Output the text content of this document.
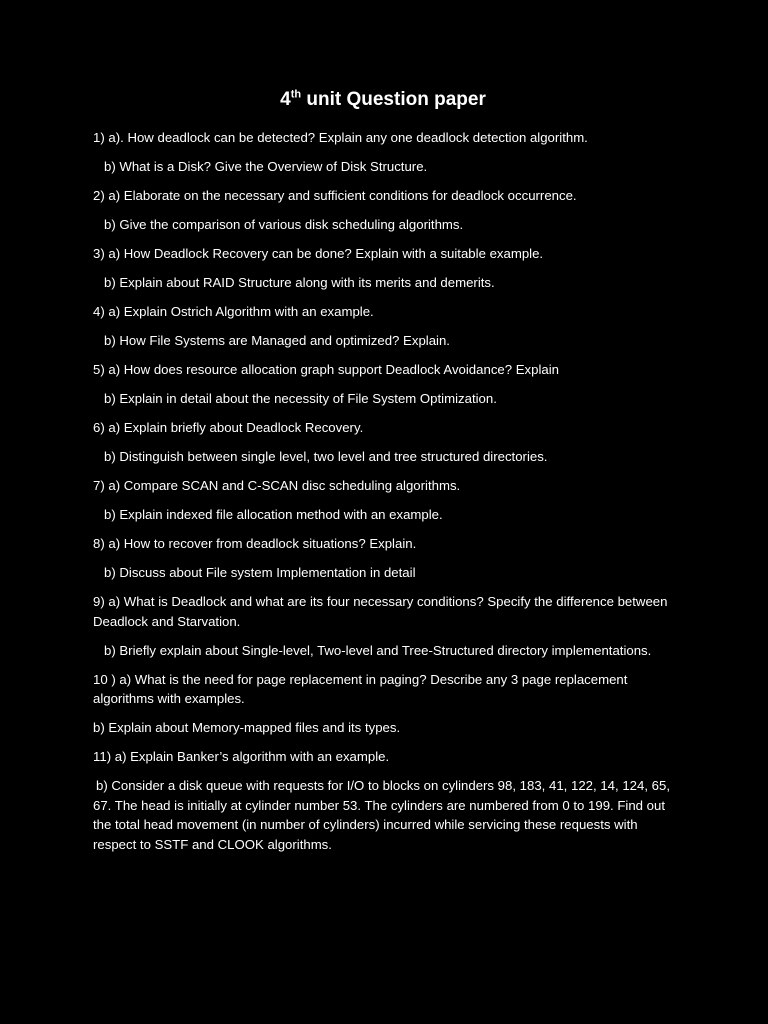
4th unit Question paper

1) a). How deadlock can be detected? Explain any one deadlock detection algorithm.

b) What is a Disk? Give the Overview of Disk Structure.

2) a) Elaborate on the necessary and sufficient conditions for deadlock occurrence.

b) Give the comparison of various disk scheduling algorithms.

3) a) How Deadlock Recovery can be done? Explain with a suitable example.

b) Explain about RAID Structure along with its merits and demerits.

4) a) Explain Ostrich Algorithm with an example.

b) How File Systems are Managed and optimized? Explain.

5) a) How does resource allocation graph support Deadlock Avoidance? Explain

b) Explain in detail about the necessity of File System Optimization.

6) a) Explain briefly about Deadlock Recovery.

b) Distinguish between single level, two level and tree structured directories.

7) a) Compare SCAN and C-SCAN disc scheduling algorithms.

b) Explain indexed file allocation method with an example.

8) a) How to recover from deadlock situations? Explain.

b) Discuss about File system Implementation in detail

9) a) What is Deadlock and what are its four necessary conditions? Specify the difference between Deadlock and Starvation.

b) Briefly explain about Single-level, Two-level and Tree-Structured directory implementations.

10 ) a) What is the need for page replacement in paging? Describe any 3 page replacement algorithms with examples.

b) Explain about Memory-mapped files and its types.

11) a) Explain Banker’s algorithm with an example.

b) Consider a disk queue with requests for I/O to blocks on cylinders 98, 183, 41, 122, 14, 124, 65, 67. The head is initially at cylinder number 53. The cylinders are numbered from 0 to 199. Find out the total head movement (in number of cylinders) incurred while servicing these requests with respect to SSTF and CLOOK algorithms.
